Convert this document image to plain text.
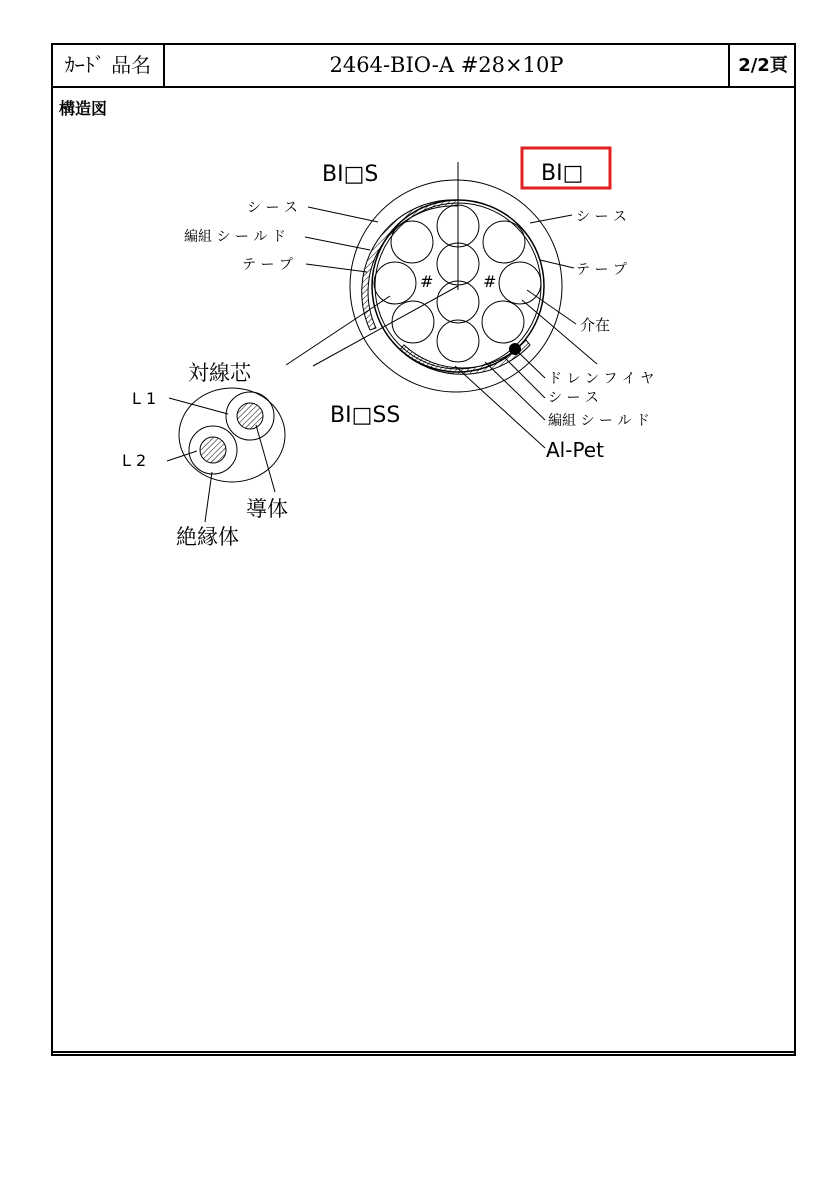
ｶｰﾄﾞ 品名	2464-BIO-A #28×10P	2/2頁
構造図
#	#
BI□S	BI□
BI□SS
シ ー ス
編組 シ ー ル ド
テ ー プ
対線芯
シ ー ス
テ ー プ
介在
ド レ ン フ イ ヤ
シ ー ス
編組 シ ー ル ド
Al-Pet
L 1
L 2
導体
絶縁体
